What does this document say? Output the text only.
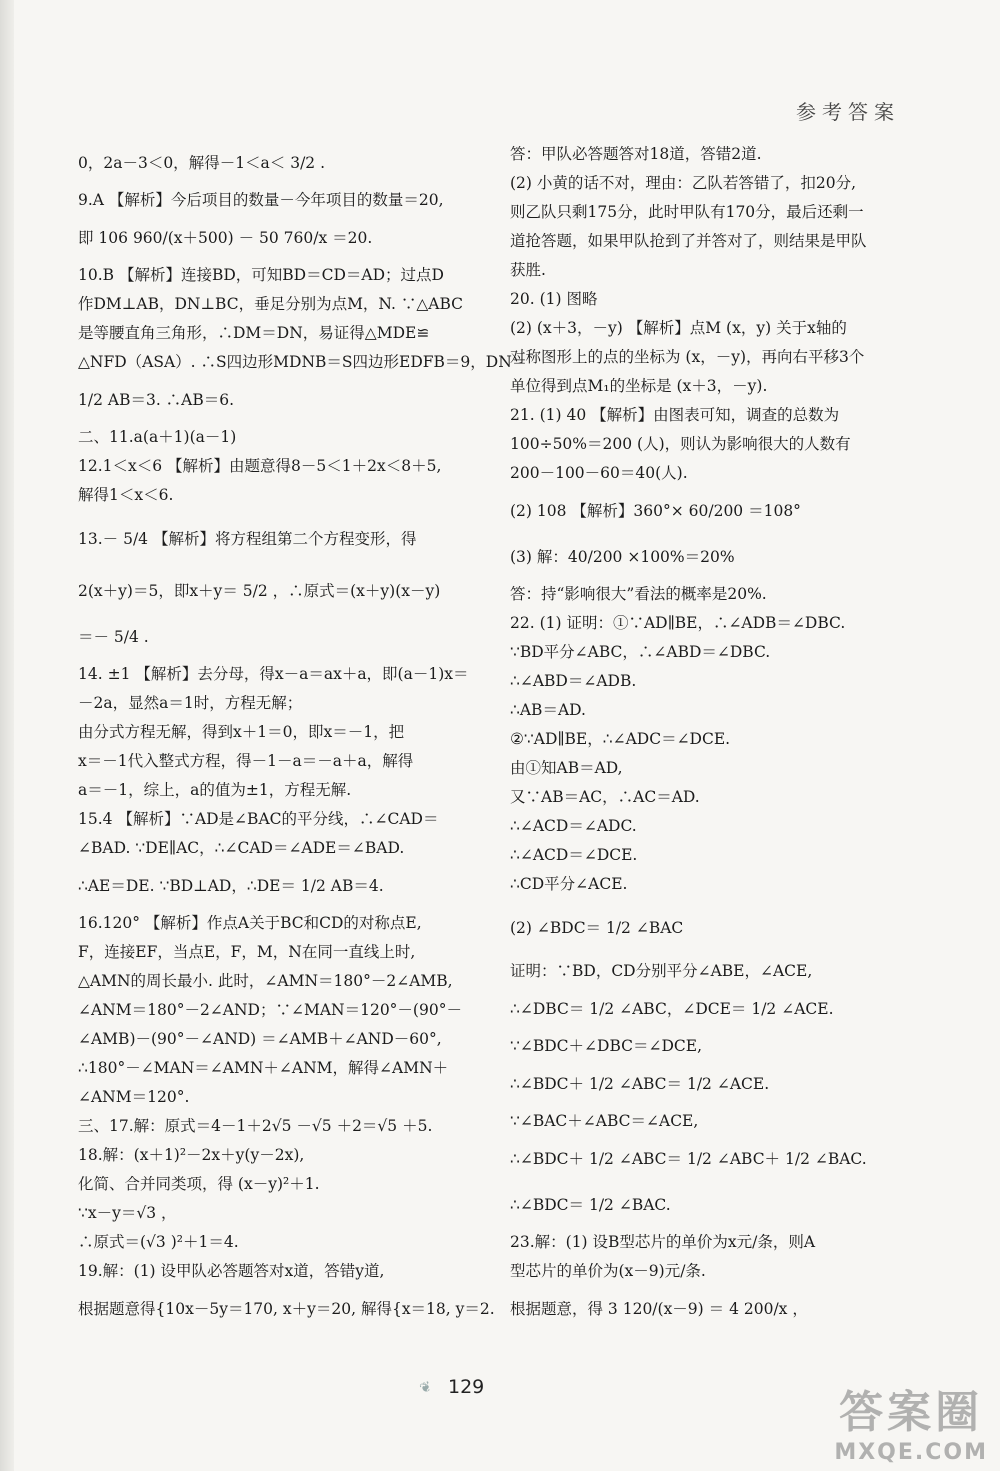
参考答案
0，2a－3＜0，解得－1＜a＜ 3/2 .
9.A 【解析】今后项目的数量－今年项目的数量＝20,
即 106 960/(x＋500) － 50 760/x ＝20.
10.B 【解析】连接BD，可知BD＝CD＝AD；过点D
作DM⊥AB，DN⊥BC，垂足分别为点M，N. ∵△ABC
是等腰直角三角形，∴DM＝DN，易证得△MDE≌
△NFD（ASA）. ∴S四边形MDNB＝S四边形EDFB＝9，DN＝
1/2 AB＝3. ∴AB＝6.
二、11.a(a＋1)(a－1)
12.1＜x＜6 【解析】由题意得8－5＜1＋2x＜8＋5,
解得1＜x＜6.
13.－ 5/4 【解析】将方程组第二个方程变形，得
2(x＋y)＝5，即x＋y＝ 5/2 ，∴原式＝(x＋y)(x－y)
＝－ 5/4 .
14. ±1 【解析】去分母，得x－a＝ax＋a，即(a－1)x＝
－2a，显然a＝1时，方程无解；
由分式方程无解，得到x＋1＝0，即x＝－1，把
x＝－1代入整式方程，得－1－a＝－a＋a，解得
a＝－1，综上，a的值为±1，方程无解.
15.4 【解析】∵AD是∠BAC的平分线，∴∠CAD＝
∠BAD. ∵DE∥AC，∴∠CAD＝∠ADE＝∠BAD.
∴AE＝DE. ∵BD⊥AD，∴DE＝ 1/2 AB＝4.
16.120° 【解析】作点A关于BC和CD的对称点E,
F，连接EF，当点E，F，M，N在同一直线上时,
△AMN的周长最小. 此时，∠AMN＝180°－2∠AMB,
∠ANM＝180°－2∠AND；∵∠MAN＝120°－(90°－
∠AMB)－(90°－∠AND) ＝∠AMB＋∠AND－60°,
∴180°－∠MAN＝∠AMN＋∠ANM，解得∠AMN＋
∠ANM＝120°.
三、17.解：原式＝4－1＋2√5 －√5 ＋2＝√5 ＋5.
18.解：(x＋1)²－2x＋y(y－2x),
化简、合并同类项，得 (x－y)²＋1.
∵x－y＝√3 ，
∴原式＝(√3 )²＋1＝4.
19.解：(1) 设甲队必答题答对x道，答错y道,
根据题意得{10x－5y＝170, x＋y＝20, 解得{x＝18, y＝2.
答：甲队必答题答对18道，答错2道.
(2) 小黄的话不对，理由：乙队若答错了，扣20分,
则乙队只剩175分，此时甲队有170分，最后还剩一
道抢答题，如果甲队抢到了并答对了，则结果是甲队
获胜.
20. (1) 图略
(2) (x＋3，－y) 【解析】点M (x，y) 关于x轴的
对称图形上的点的坐标为 (x，－y)，再向右平移3个
单位得到点M₁的坐标是 (x＋3，－y).
21. (1) 40 【解析】由图表可知，调查的总数为
100÷50%＝200 (人)，则认为影响很大的人数有
200－100－60＝40(人).
(2) 108 【解析】360°× 60/200 ＝108°
(3) 解：40/200 ×100%＝20%
答：持“影响很大”看法的概率是20%.
22. (1) 证明：①∵AD∥BE，∴∠ADB＝∠DBC.
∵BD平分∠ABC，∴∠ABD＝∠DBC.
∴∠ABD＝∠ADB.
∴AB＝AD.
②∵AD∥BE，∴∠ADC＝∠DCE.
由①知AB＝AD,
又∵AB＝AC，∴AC＝AD.
∴∠ACD＝∠ADC.
∴∠ACD＝∠DCE.
∴CD平分∠ACE.
(2) ∠BDC＝ 1/2 ∠BAC
证明：∵BD，CD分别平分∠ABE，∠ACE,
∴∠DBC＝ 1/2 ∠ABC，∠DCE＝ 1/2 ∠ACE.
∵∠BDC＋∠DBC＝∠DCE,
∴∠BDC＋ 1/2 ∠ABC＝ 1/2 ∠ACE.
∵∠BAC＋∠ABC＝∠ACE,
∴∠BDC＋ 1/2 ∠ABC＝ 1/2 ∠ABC＋ 1/2 ∠BAC.
∴∠BDC＝ 1/2 ∠BAC.
23.解：(1) 设B型芯片的单价为x元/条，则A
型芯片的单价为(x－9)元/条.
根据题意，得 3 120/(x－9) ＝ 4 200/x ，
❦ 129	答案圈
MXQE.COM
